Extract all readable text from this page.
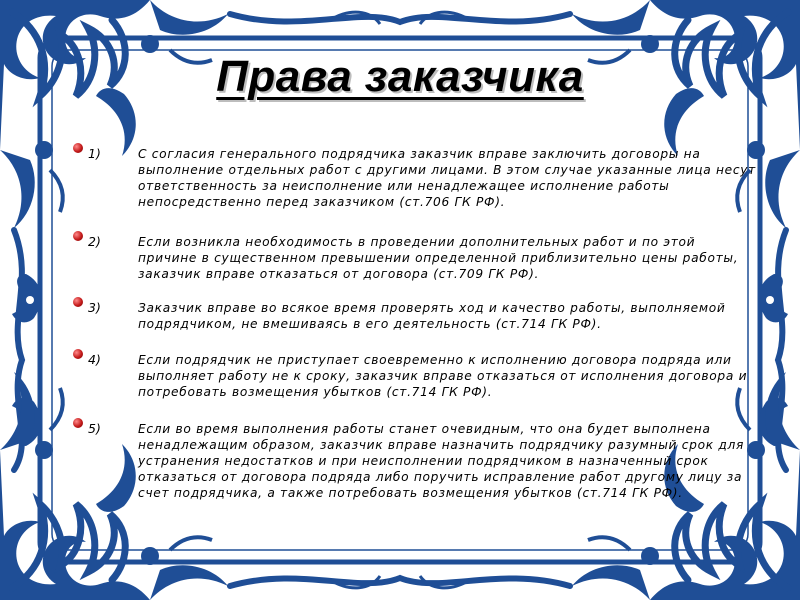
Права заказчика
1)	С согласия генерального подрядчика заказчик вправе заключить договоры на выполнение отдельных работ с другими лицами. В этом случае указанные лица несут ответственность за неисполнение или ненадлежащее исполнение работы непосредственно перед заказчиком (ст.706 ГК РФ).
2)	Если возникла необходимость в проведении дополнительных работ и по этой причине в существенном превышении определенной приблизительно цены работы, заказчик вправе отказаться от договора (ст.709 ГК РФ).
3)	Заказчик вправе во всякое время проверять ход и качество работы, выполняемой подрядчиком, не вмешиваясь в его деятельность (ст.714 ГК РФ).
4)	Если подрядчик не приступает своевременно к исполнению договора подряда или выполняет работу не к сроку, заказчик вправе отказаться от исполнения договора и потребовать возмещения убытков (ст.714 ГК РФ).
5)	Если во время выполнения работы станет очевидным, что она будет выполнена ненадлежащим образом, заказчик вправе назначить подрядчику разумный срок для устранения недостатков и при неисполнении подрядчиком в назначенный срок отказаться от договора подряда либо поручить исправление работ другому лицу за счет подрядчика, а также потребовать возмещения убытков (ст.714 ГК РФ).
